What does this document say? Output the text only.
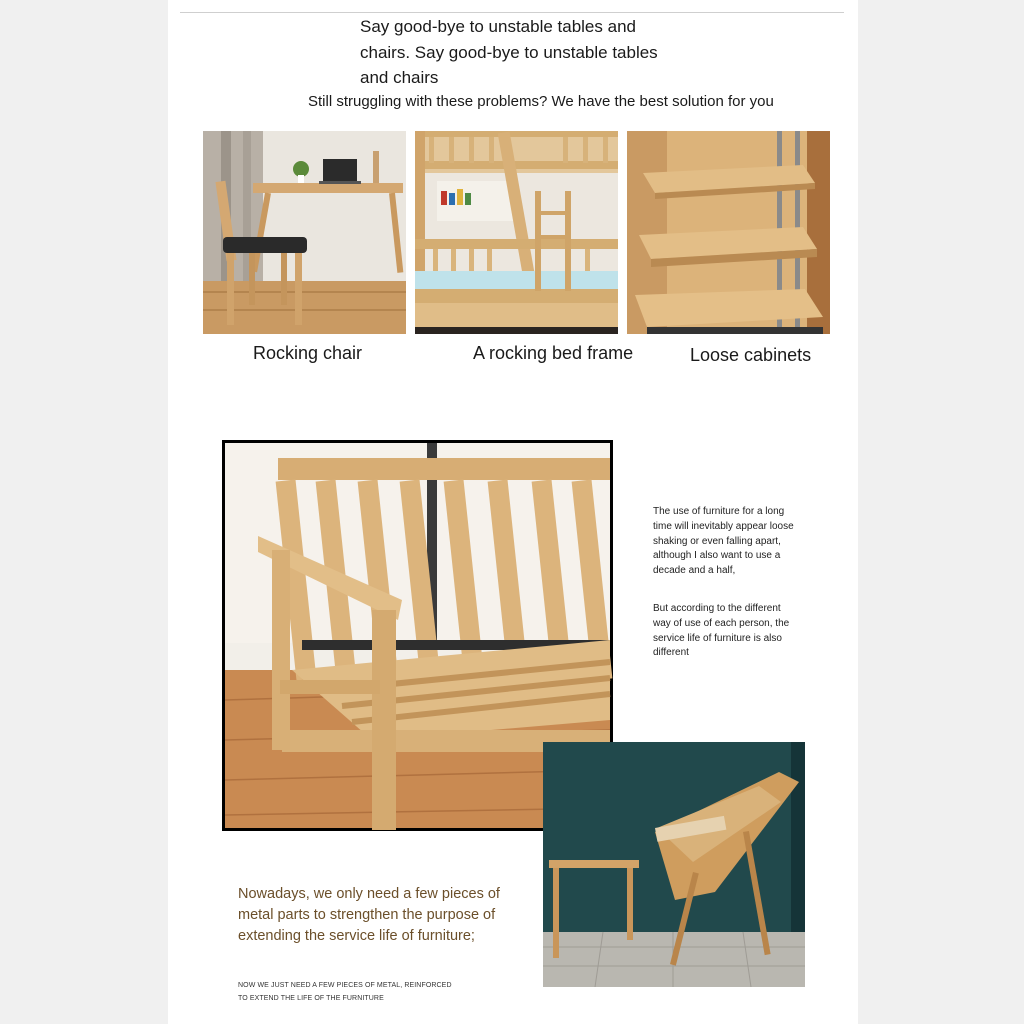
Say good-bye to unstable tables and chairs. Say good-bye to unstable tables and chairs
Still struggling with these problems? We have the best solution for you
Rocking chair	A rocking bed frame	Loose cabinets
The use of furniture for a long time will inevitably appear loose shaking or even falling apart, although I also want to use a decade and a half,
But according to the different way of use of each person, the service life of furniture is also different
Nowadays, we only need a few pieces of metal parts to strengthen the purpose of extending the service life of furniture;
NOW WE JUST NEED A FEW PIECES OF METAL, REINFORCED TO EXTEND THE LIFE OF THE FURNITURE
